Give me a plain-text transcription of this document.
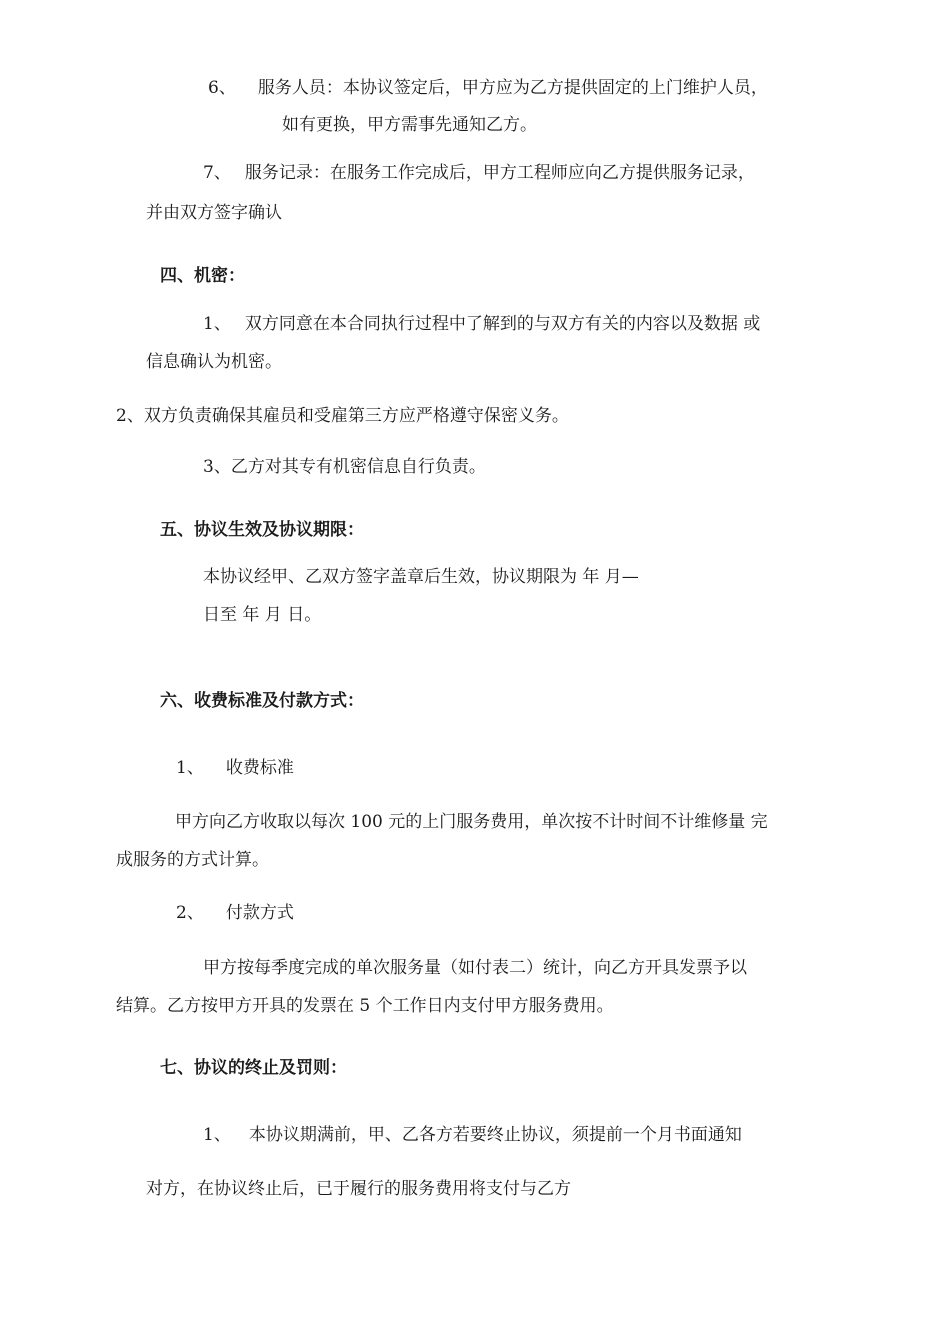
6、 服务人员：本协议签定后，甲方应为乙方提供固定的上门维护人员，
如有更换，甲方需事先通知乙方。
7、 服务记录：在服务工作完成后，甲方工程师应向乙方提供服务记录，
并由双方签字确认
四、机密：
1、 双方同意在本合同执行过程中了解到的与双方有关的内容以及数据 或
信息确认为机密。
2、双方负责确保其雇员和受雇第三方应严格遵守保密义务。
3、乙方对其专有机密信息自行负责。
五、协议生效及协议期限：
本协议经甲、乙双方签字盖章后生效，协议期限为 年 月—
日至 年 月 日。
六、收费标准及付款方式：
1、 收费标准
甲方向乙方收取以每次 100 元的上门服务费用，单次按不计时间不计维修量 完
成服务的方式计算。
2、 付款方式
甲方按每季度完成的单次服务量（如付表二）统计，向乙方开具发票予以
结算。乙方按甲方开具的发票在 5 个工作日内支付甲方服务费用。
七、协议的终止及罚则：
1、 本协议期满前，甲、乙各方若要终止协议，须提前一个月书面通知
对方，在协议终止后，已于履行的服务费用将支付与乙方
